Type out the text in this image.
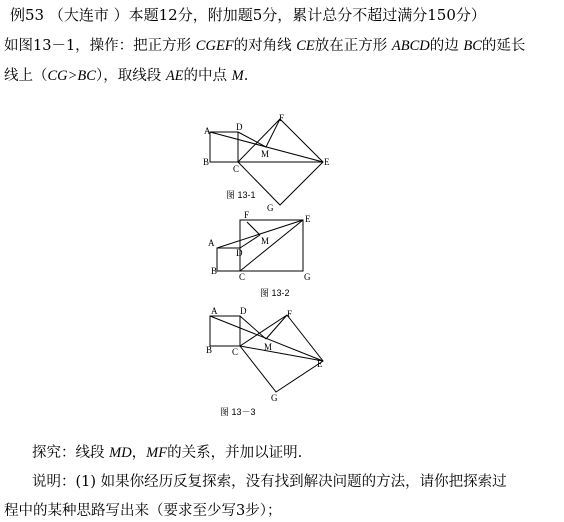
例53 （大连市 ）本题12分，附加题5分，累计总分不超过满分150分）
如图13－1，操作：把正方形 CGEF的对角线 CE放在正方形 ABCD的边 BC的延长
线上（CG>BC），取线段 AE的中点 M.
A
B
C
D
E
F
G
M
图 13-1
A
B
C
D
E
F
G
M
图 13-2
A
B C
D
E
F
G
M
图 13－3
探究：线段 MD，MF的关系，并加以证明.
说明：(1) 如果你经历反复探索，没有找到解决问题的方法，请你把探索过
程中的某种思路写出来（要求至少写3步）；
